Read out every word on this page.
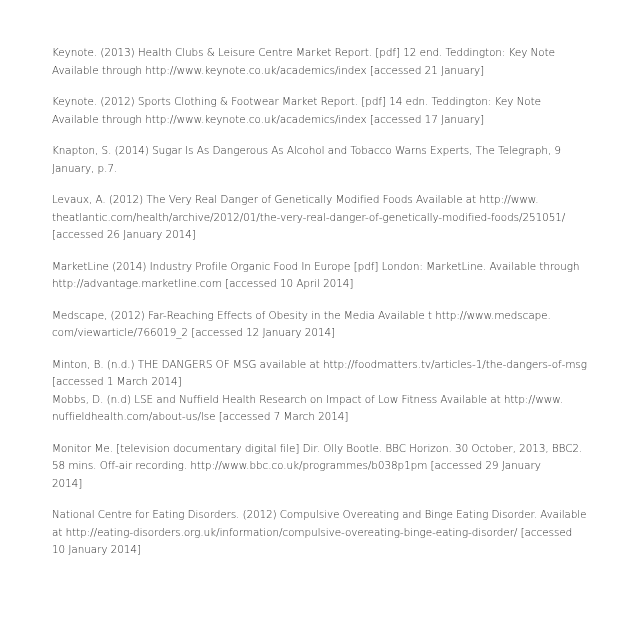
Keynote. (2013) Health Clubs & Leisure Centre Market Report. [pdf] 12 end. Teddington: Key Note
Available through http://www.keynote.co.uk/academics/index [accessed 21 January]

Keynote. (2012) Sports Clothing & Footwear Market Report. [pdf] 14 edn. Teddington: Key Note
Available through http://www.keynote.co.uk/academics/index [accessed 17 January]

Knapton, S. (2014) Sugar Is As Dangerous As Alcohol and Tobacco Warns Experts, The Telegraph, 9
January, p.7.

Levaux, A. (2012) The Very Real Danger of Genetically Modified Foods Available at http://www.
theatlantic.com/health/archive/2012/01/the-very-real-danger-of-genetically-modified-foods/251051/
[accessed 26 January 2014]

MarketLine (2014) Industry Profile Organic Food In Europe [pdf] London: MarketLine. Available through
http://advantage.marketline.com [accessed 10 April 2014]

Medscape, (2012) Far-Reaching Effects of Obesity in the Media Available t http://www.medscape.
com/viewarticle/766019_2 [accessed 12 January 2014]

Minton, B. (n.d.) THE DANGERS OF MSG available at http://foodmatters.tv/articles-1/the-dangers-of-msg
[accessed 1 March 2014]

Mobbs, D. (n.d) LSE and Nuffield Health Research on Impact of Low Fitness Available at http://www.
nuffieldhealth.com/about-us/lse [accessed 7 March 2014]

Monitor Me. [television documentary digital file] Dir. Olly Bootle. BBC Horizon. 30 October, 2013, BBC2.
58 mins. Off-air recording. http://www.bbc.co.uk/programmes/b038p1pm [accessed 29 January
2014]

National Centre for Eating Disorders. (2012) Compulsive Overeating and Binge Eating Disorder. Available
at http://eating-disorders.org.uk/information/compulsive-overeating-binge-eating-disorder/ [accessed
10 January 2014]
